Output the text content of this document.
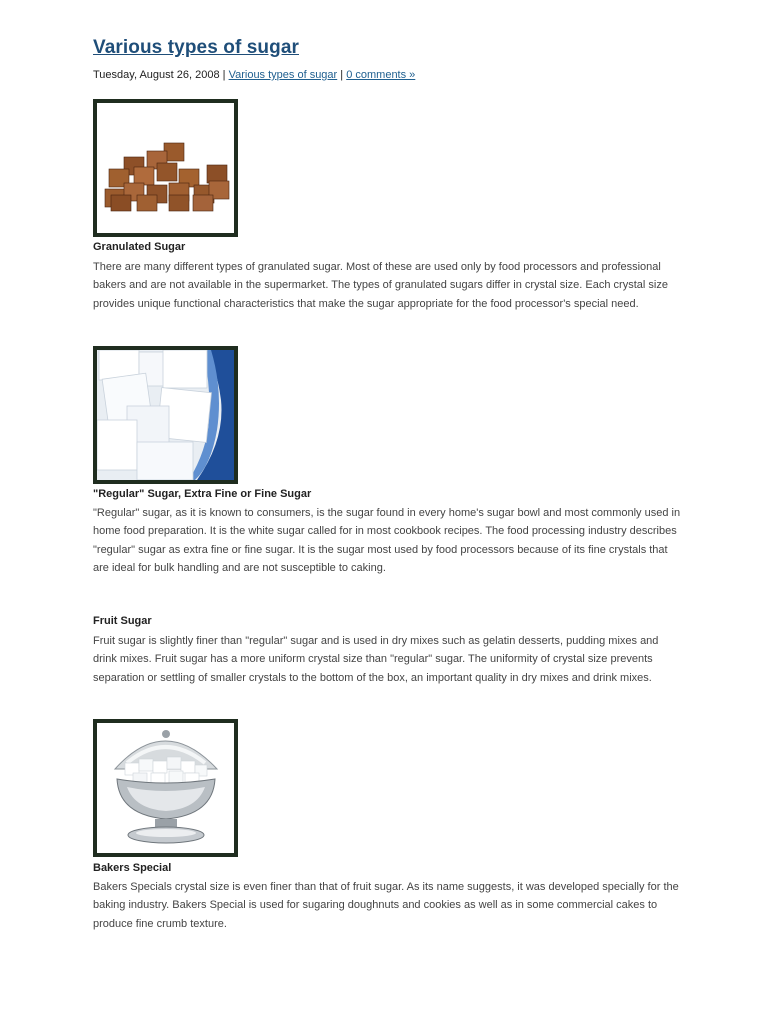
Various types of sugar
Tuesday, August 26, 2008 | Various types of sugar | 0 comments »
Granulated Sugar

There are many different types of granulated sugar. Most of these are used only by food processors and professional bakers and are not available in the supermarket. The types of granulated sugars differ in crystal size. Each crystal size provides unique functional characteristics that make the sugar appropriate for the food processor's special need.

"Regular" Sugar, Extra Fine or Fine Sugar

"Regular" sugar, as it is known to consumers, is the sugar found in every home's sugar bowl and most commonly used in home food preparation. It is the white sugar called for in most cookbook recipes. The food processing industry describes "regular" sugar as extra fine or fine sugar. It is the sugar most used by food processors because of its fine crystals that are ideal for bulk handling and are not susceptible to caking.

Fruit Sugar

Fruit sugar is slightly finer than "regular" sugar and is used in dry mixes such as gelatin desserts, pudding mixes and drink mixes. Fruit sugar has a more uniform crystal size than "regular" sugar. The uniformity of crystal size prevents separation or settling of smaller crystals to the bottom of the box, an important quality in dry mixes and drink mixes.

Bakers Special

Bakers Specials crystal size is even finer than that of fruit sugar. As its name suggests, it was developed specially for the baking industry. Bakers Special is used for sugaring doughnuts and cookies as well as in some commercial cakes to produce fine crumb texture.
